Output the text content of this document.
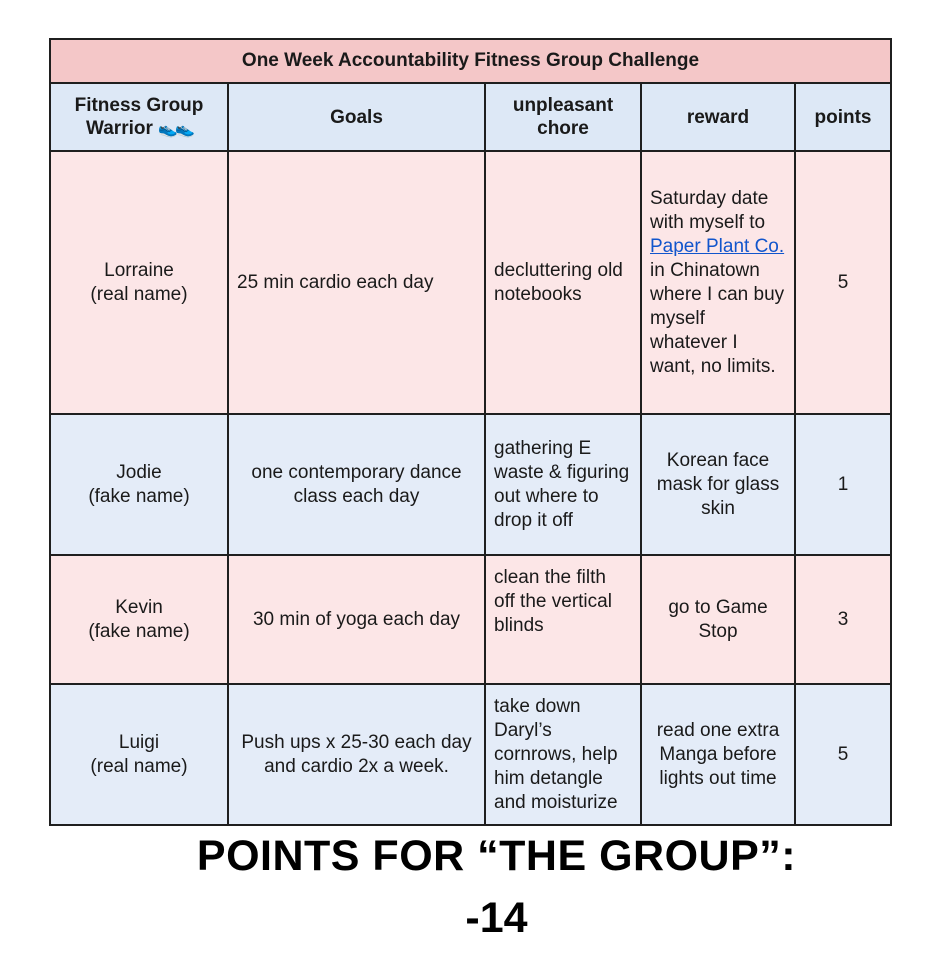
One Week Accountability Fitness Group Challenge				
Fitness Group Warrior 👟👟	Goals	unpleasant chore	reward	points

Lorraine
(real name)	25 min cardio each day	decluttering old notebooks	Saturday date with myself to Paper Plant Co. in Chinatown where I can buy myself whatever I want, no limits.	5

Jodie
(fake name)	one contemporary dance class each day	gathering E waste & figuring out where to drop it off	Korean face mask for glass skin	1

Kevin
(fake name)	30 min of yoga each day	clean the filth off the vertical blinds	go to Game Stop	3

Luigi
(real name)	Push ups x 25-30 each day and cardio 2x a week.	take down Daryl’s cornrows, help him detangle and moisturize	read one extra Manga before lights out time	5
POINTS FOR “THE GROUP”:
-14
